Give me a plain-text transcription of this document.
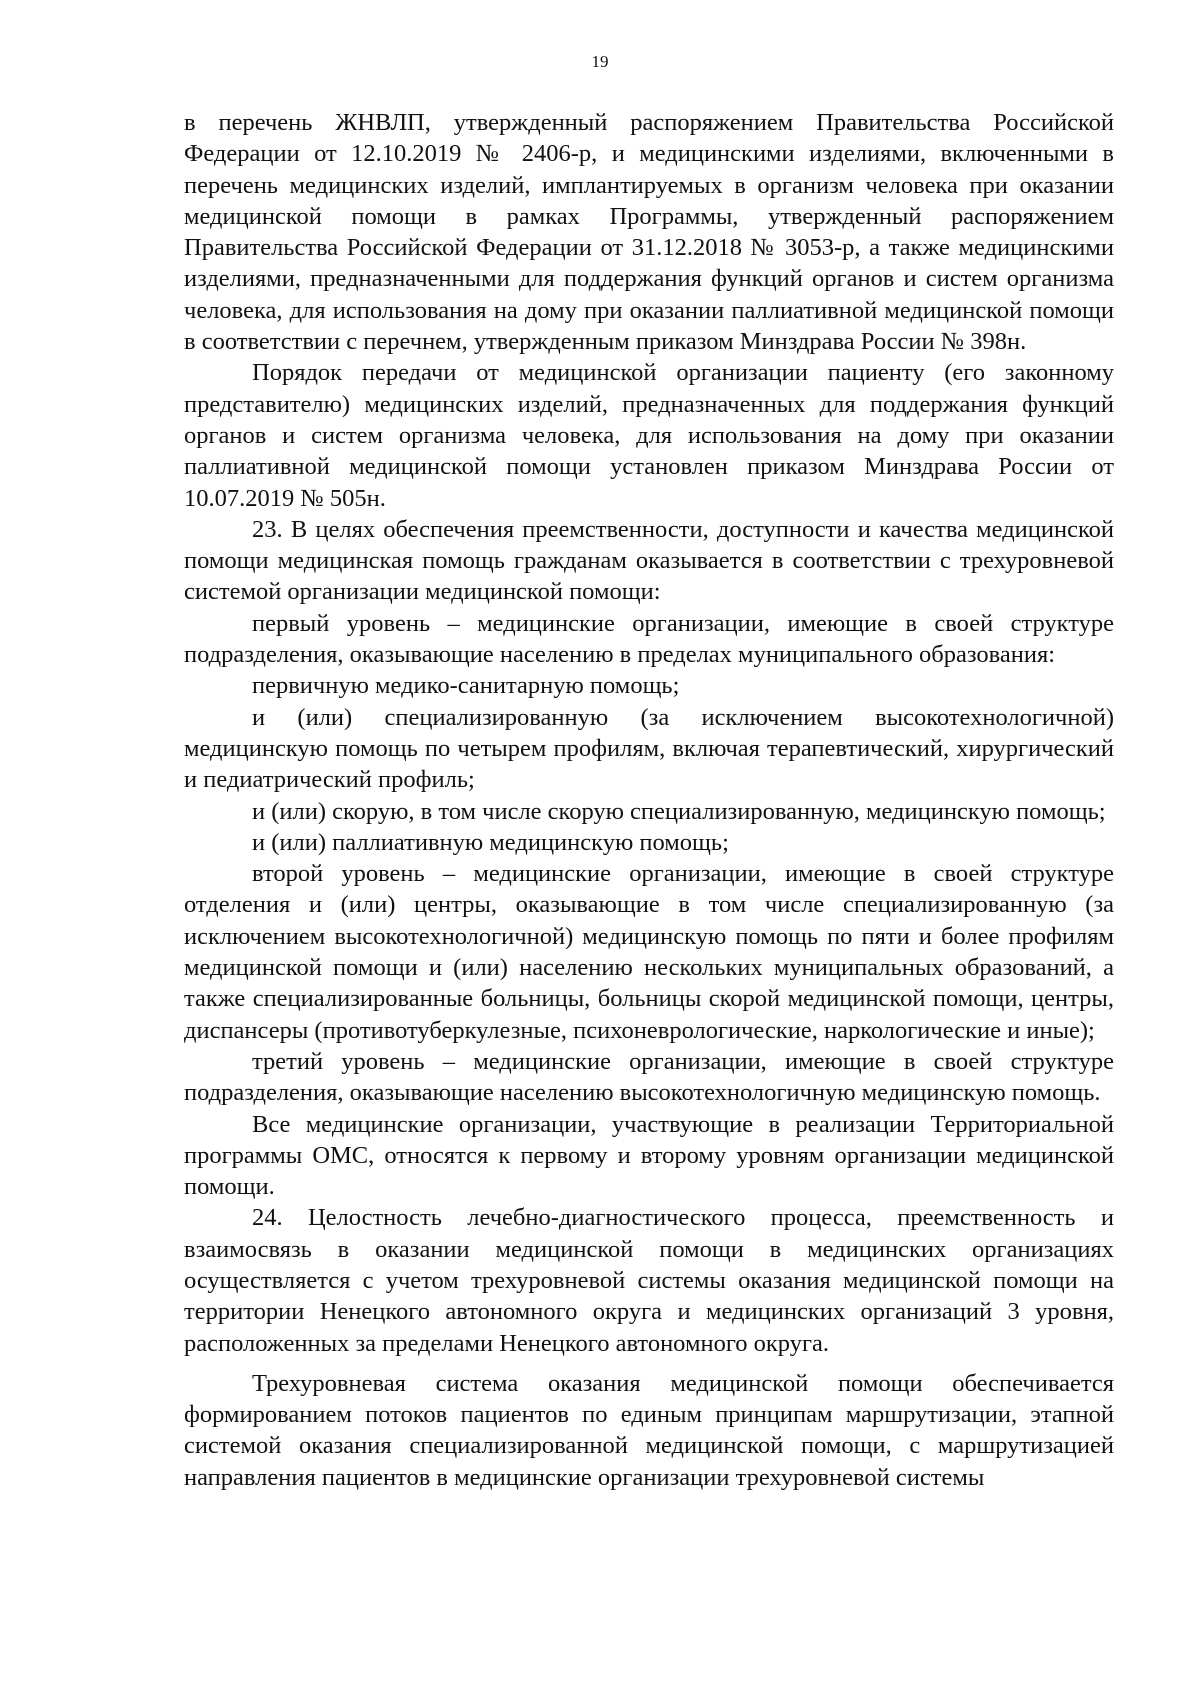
19

в перечень ЖНВЛП, утвержденный распоряжением Правительства Российской Федерации от 12.10.2019 № 2406-р, и медицинскими изделиями, включенными в перечень медицинских изделий, имплантируемых в организм человека при оказании медицинской помощи в рамках Программы, утвержденный распоряжением Правительства Российской Федерации от 31.12.2018 № 3053-р, а также медицинскими изделиями, предназначенными для поддержания функций органов и систем организма человека, для использования на дому при оказании паллиативной медицинской помощи в соответствии с перечнем, утвержденным приказом Минздрава России № 398н.

Порядок передачи от медицинской организации пациенту (его законному представителю) медицинских изделий, предназначенных для поддержания функций органов и систем организма человека, для использования на дому при оказании паллиативной медицинской помощи установлен приказом Минздрава России от 10.07.2019 № 505н.

23. В целях обеспечения преемственности, доступности и качества медицинской помощи медицинская помощь гражданам оказывается в соответствии с трехуровневой системой организации медицинской помощи:

первый уровень – медицинские организации, имеющие в своей структуре подразделения, оказывающие населению в пределах муниципального образования:

первичную медико-санитарную помощь;

и (или) специализированную (за исключением высокотехнологичной) медицинскую помощь по четырем профилям, включая терапевтический, хирургический и педиатрический профиль;

и (или) скорую, в том числе скорую специализированную, медицинскую помощь;

и (или) паллиативную медицинскую помощь;

второй уровень – медицинские организации, имеющие в своей структуре отделения и (или) центры, оказывающие в том числе специализированную (за исключением высокотехнологичной) медицинскую помощь по пяти и более профилям медицинской помощи и (или) населению нескольких муниципальных образований, а также специализированные больницы, больницы скорой медицинской помощи, центры, диспансеры (противотуберкулезные, психоневрологические, наркологические и иные);

третий уровень – медицинские организации, имеющие в своей структуре подразделения, оказывающие населению высокотехнологичную медицинскую помощь.

Все медицинские организации, участвующие в реализации Территориальной программы ОМС, относятся к первому и второму уровням организации медицинской помощи.

24. Целостность лечебно-диагностического процесса, преемственность и взаимосвязь в оказании медицинской помощи в медицинских организациях осуществляется с учетом трехуровневой системы оказания медицинской помощи на территории Ненецкого автономного округа и медицинских организаций 3 уровня, расположенных за пределами Ненецкого автономного округа.

Трехуровневая система оказания медицинской помощи обеспечивается формированием потоков пациентов по единым принципам маршрутизации, этапной системой оказания специализированной медицинской помощи, с маршрутизацией направления пациентов в медицинские организации трехуровневой системы
